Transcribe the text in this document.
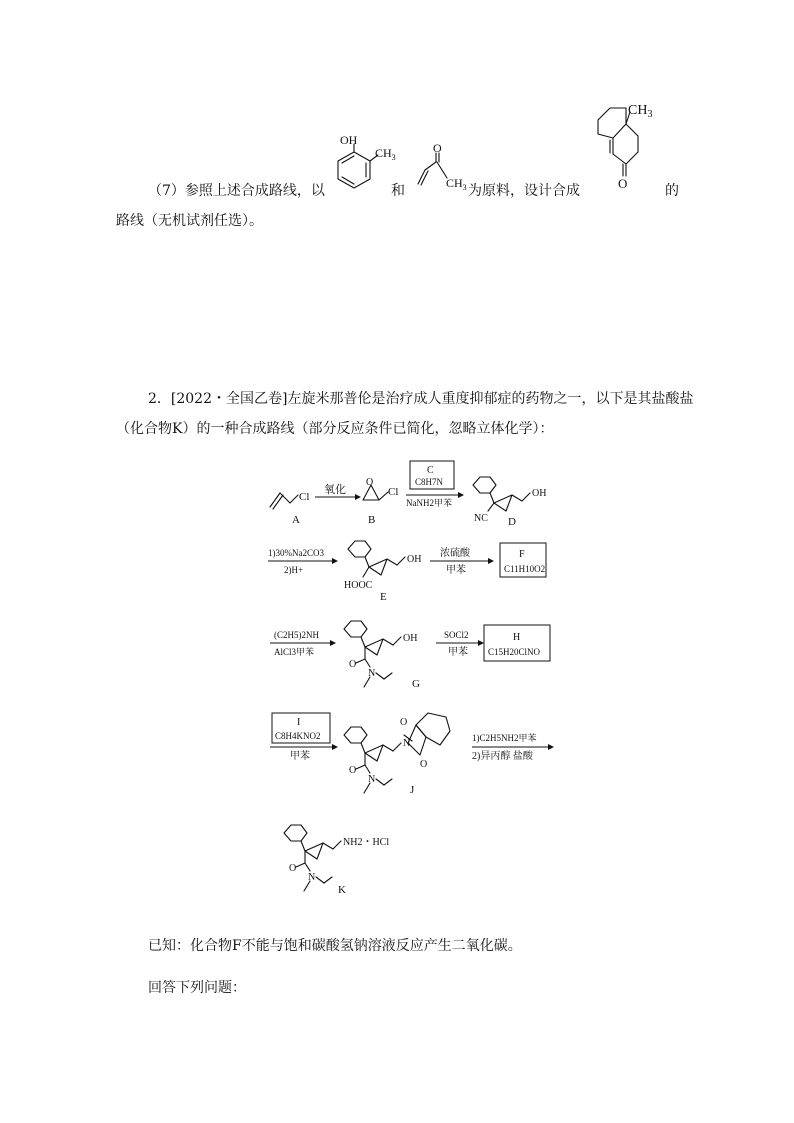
（7）参照上述合成路线，以	和	为原料，设计合成	的
路线（无机试剂任选）。
OH
$CH_3$
O
$CH_3$
$CH_3$
O
2．[2022・全国乙卷]左旋米那普伦是治疗成人重度抑郁症的药物之一，以下是其盐酸盐
（化合物K）的一种合成路线（部分反应条件已简化，忽略立体化学）：
Cl
A
氧化
O
Cl
B
C
C8H7N
NaNH2甲苯
OH
NC D
1)30%Na2CO3
2)H+
OH
HOOC
E
浓硫酸
甲苯
F
C11H10O2
(C2H5)2NH
AlCl3甲苯
OH
O
N
G
SOCl2
甲苯
H
C15H20ClNO
I
C8H4KNO2
甲苯
O
N
N
O
O
J
1)C2H5NH2甲苯
2)异丙醇 盐酸
NH2・HCl
O
N
K
已知：化合物F不能与饱和碳酸氢钠溶液反应产生二氧化碳。
回答下列问题：
